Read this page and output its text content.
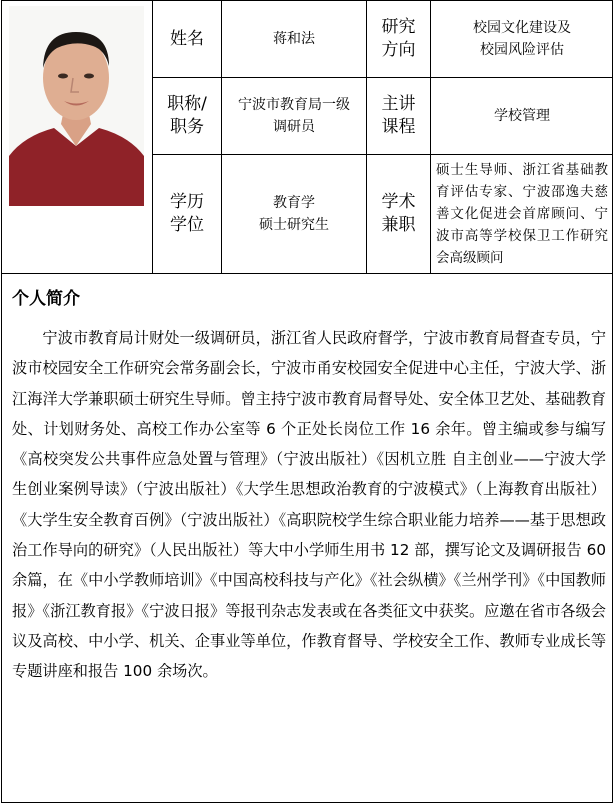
姓名	蒋和法
研究
方向
校园文化建设及
校园风险评估
职称/
职务
宁波市教育局一级
调研员
主讲
课程
学校管理
学历
学位
教育学
硕士研究生
学术
兼职
硕士生导师、浙江省基础教育评估专家、宁波邵逸夫慈善文化促进会首席顾问、宁波市高等学校保卫工作研究会高级顾问
个人简介
宁波市教育局计财处一级调研员，浙江省人民政府督学，宁波市教育局督查专员，宁波市校园安全工作研究会常务副会长，宁波市甬安校园安全促进中心主任，宁波大学、浙江海洋大学兼职硕士研究生导师。曾主持宁波市教育局督导处、安全体卫艺处、基础教育处、计划财务处、高校工作办公室等 6 个正处长岗位工作 16 余年。曾主编或参与编写《高校突发公共事件应急处置与管理》（宁波出版社）《因机立胜 自主创业——宁波大学生创业案例导读》（宁波出版社）《大学生思想政治教育的宁波模式》（上海教育出版社）《大学生安全教育百例》（宁波出版社）《高职院校学生综合职业能力培养——基于思想政治工作导向的研究》（人民出版社）等大中小学师生用书 12 部，撰写论文及调研报告 60 余篇，在《中小学教师培训》《中国高校科技与产化》《社会纵横》《兰州学刊》《中国教师报》《浙江教育报》《宁波日报》等报刊杂志发表或在各类征文中获奖。应邀在省市各级会议及高校、中小学、机关、企事业等单位，作教育督导、学校安全工作、教师专业成长等专题讲座和报告 100 余场次。
